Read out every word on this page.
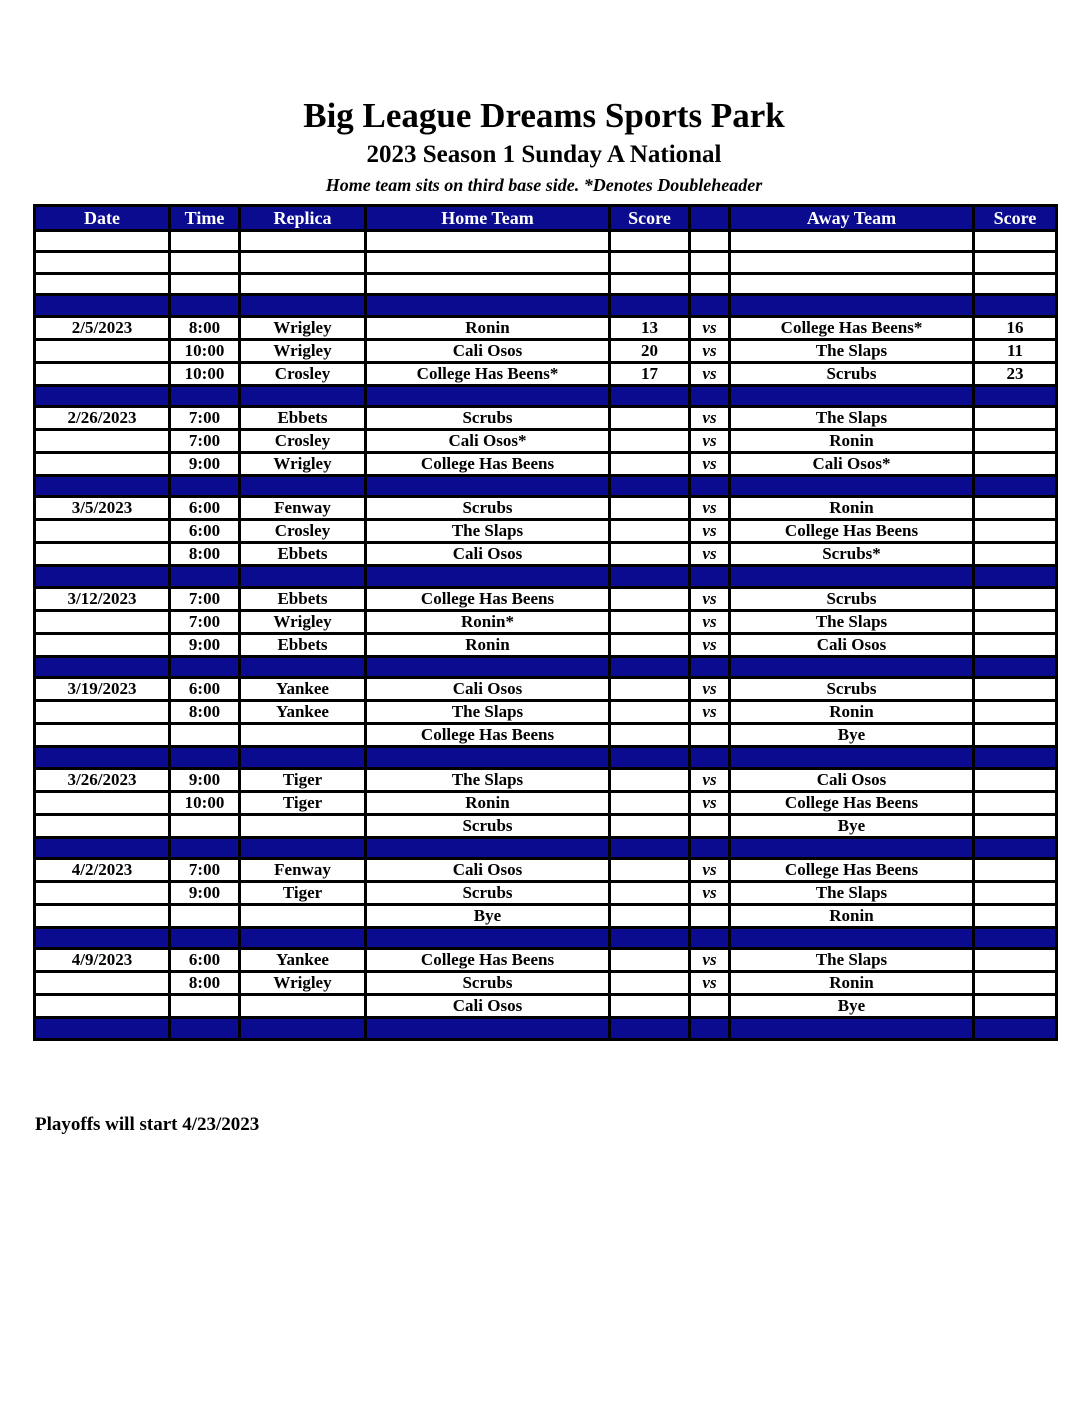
Big League Dreams Sports Park
2023 Season 1 Sunday A National
Home team sits on third base side. *Denotes Doubleheader
Date	Time	Replica	Home Team	Score		Away Team	Score

2/5/2023	8:00	Wrigley	Ronin	13	vs	College Has Beens*	16
	10:00	Wrigley	Cali Osos	20	vs	The Slaps	11
	10:00	Crosley	College Has Beens*	17	vs	Scrubs	23

2/26/2023	7:00	Ebbets	Scrubs		vs	The Slaps	
	7:00	Crosley	Cali Osos*		vs	Ronin	
	9:00	Wrigley	College Has Beens		vs	Cali Osos*	

3/5/2023	6:00	Fenway	Scrubs		vs	Ronin	
	6:00	Crosley	The Slaps		vs	College Has Beens	
	8:00	Ebbets	Cali Osos		vs	Scrubs*	

3/12/2023	7:00	Ebbets	College Has Beens		vs	Scrubs	
	7:00	Wrigley	Ronin*		vs	The Slaps	
	9:00	Ebbets	Ronin		vs	Cali Osos	

3/19/2023	6:00	Yankee	Cali Osos		vs	Scrubs	
	8:00	Yankee	The Slaps		vs	Ronin	
			College Has Beens			Bye	

3/26/2023	9:00	Tiger	The Slaps		vs	Cali Osos	
	10:00	Tiger	Ronin		vs	College Has Beens	
			Scrubs			Bye	

4/2/2023	7:00	Fenway	Cali Osos		vs	College Has Beens	
	9:00	Tiger	Scrubs		vs	The Slaps	
			Bye			Ronin	

4/9/2023	6:00	Yankee	College Has Beens		vs	The Slaps	
	8:00	Wrigley	Scrubs		vs	Ronin	
			Cali Osos			Bye	

Playoffs will start 4/23/2023
